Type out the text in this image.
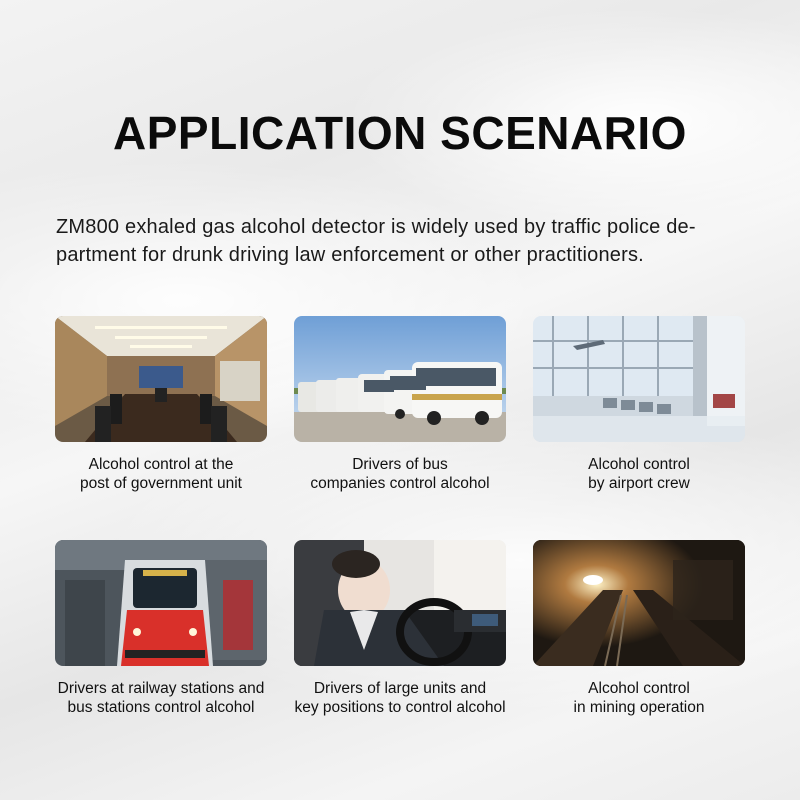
APPLICATION SCENARIO
ZM800 exhaled gas alcohol detector is widely used by traffic police de-
partment for drunk driving law enforcement or other practitioners.
Alcohol control at the
post of government unit
Drivers of bus
companies control alcohol
Alcohol control
by airport crew
Drivers at railway stations and
bus stations control alcohol
Drivers of large units and
key positions to control alcohol
Alcohol control
in mining operation
